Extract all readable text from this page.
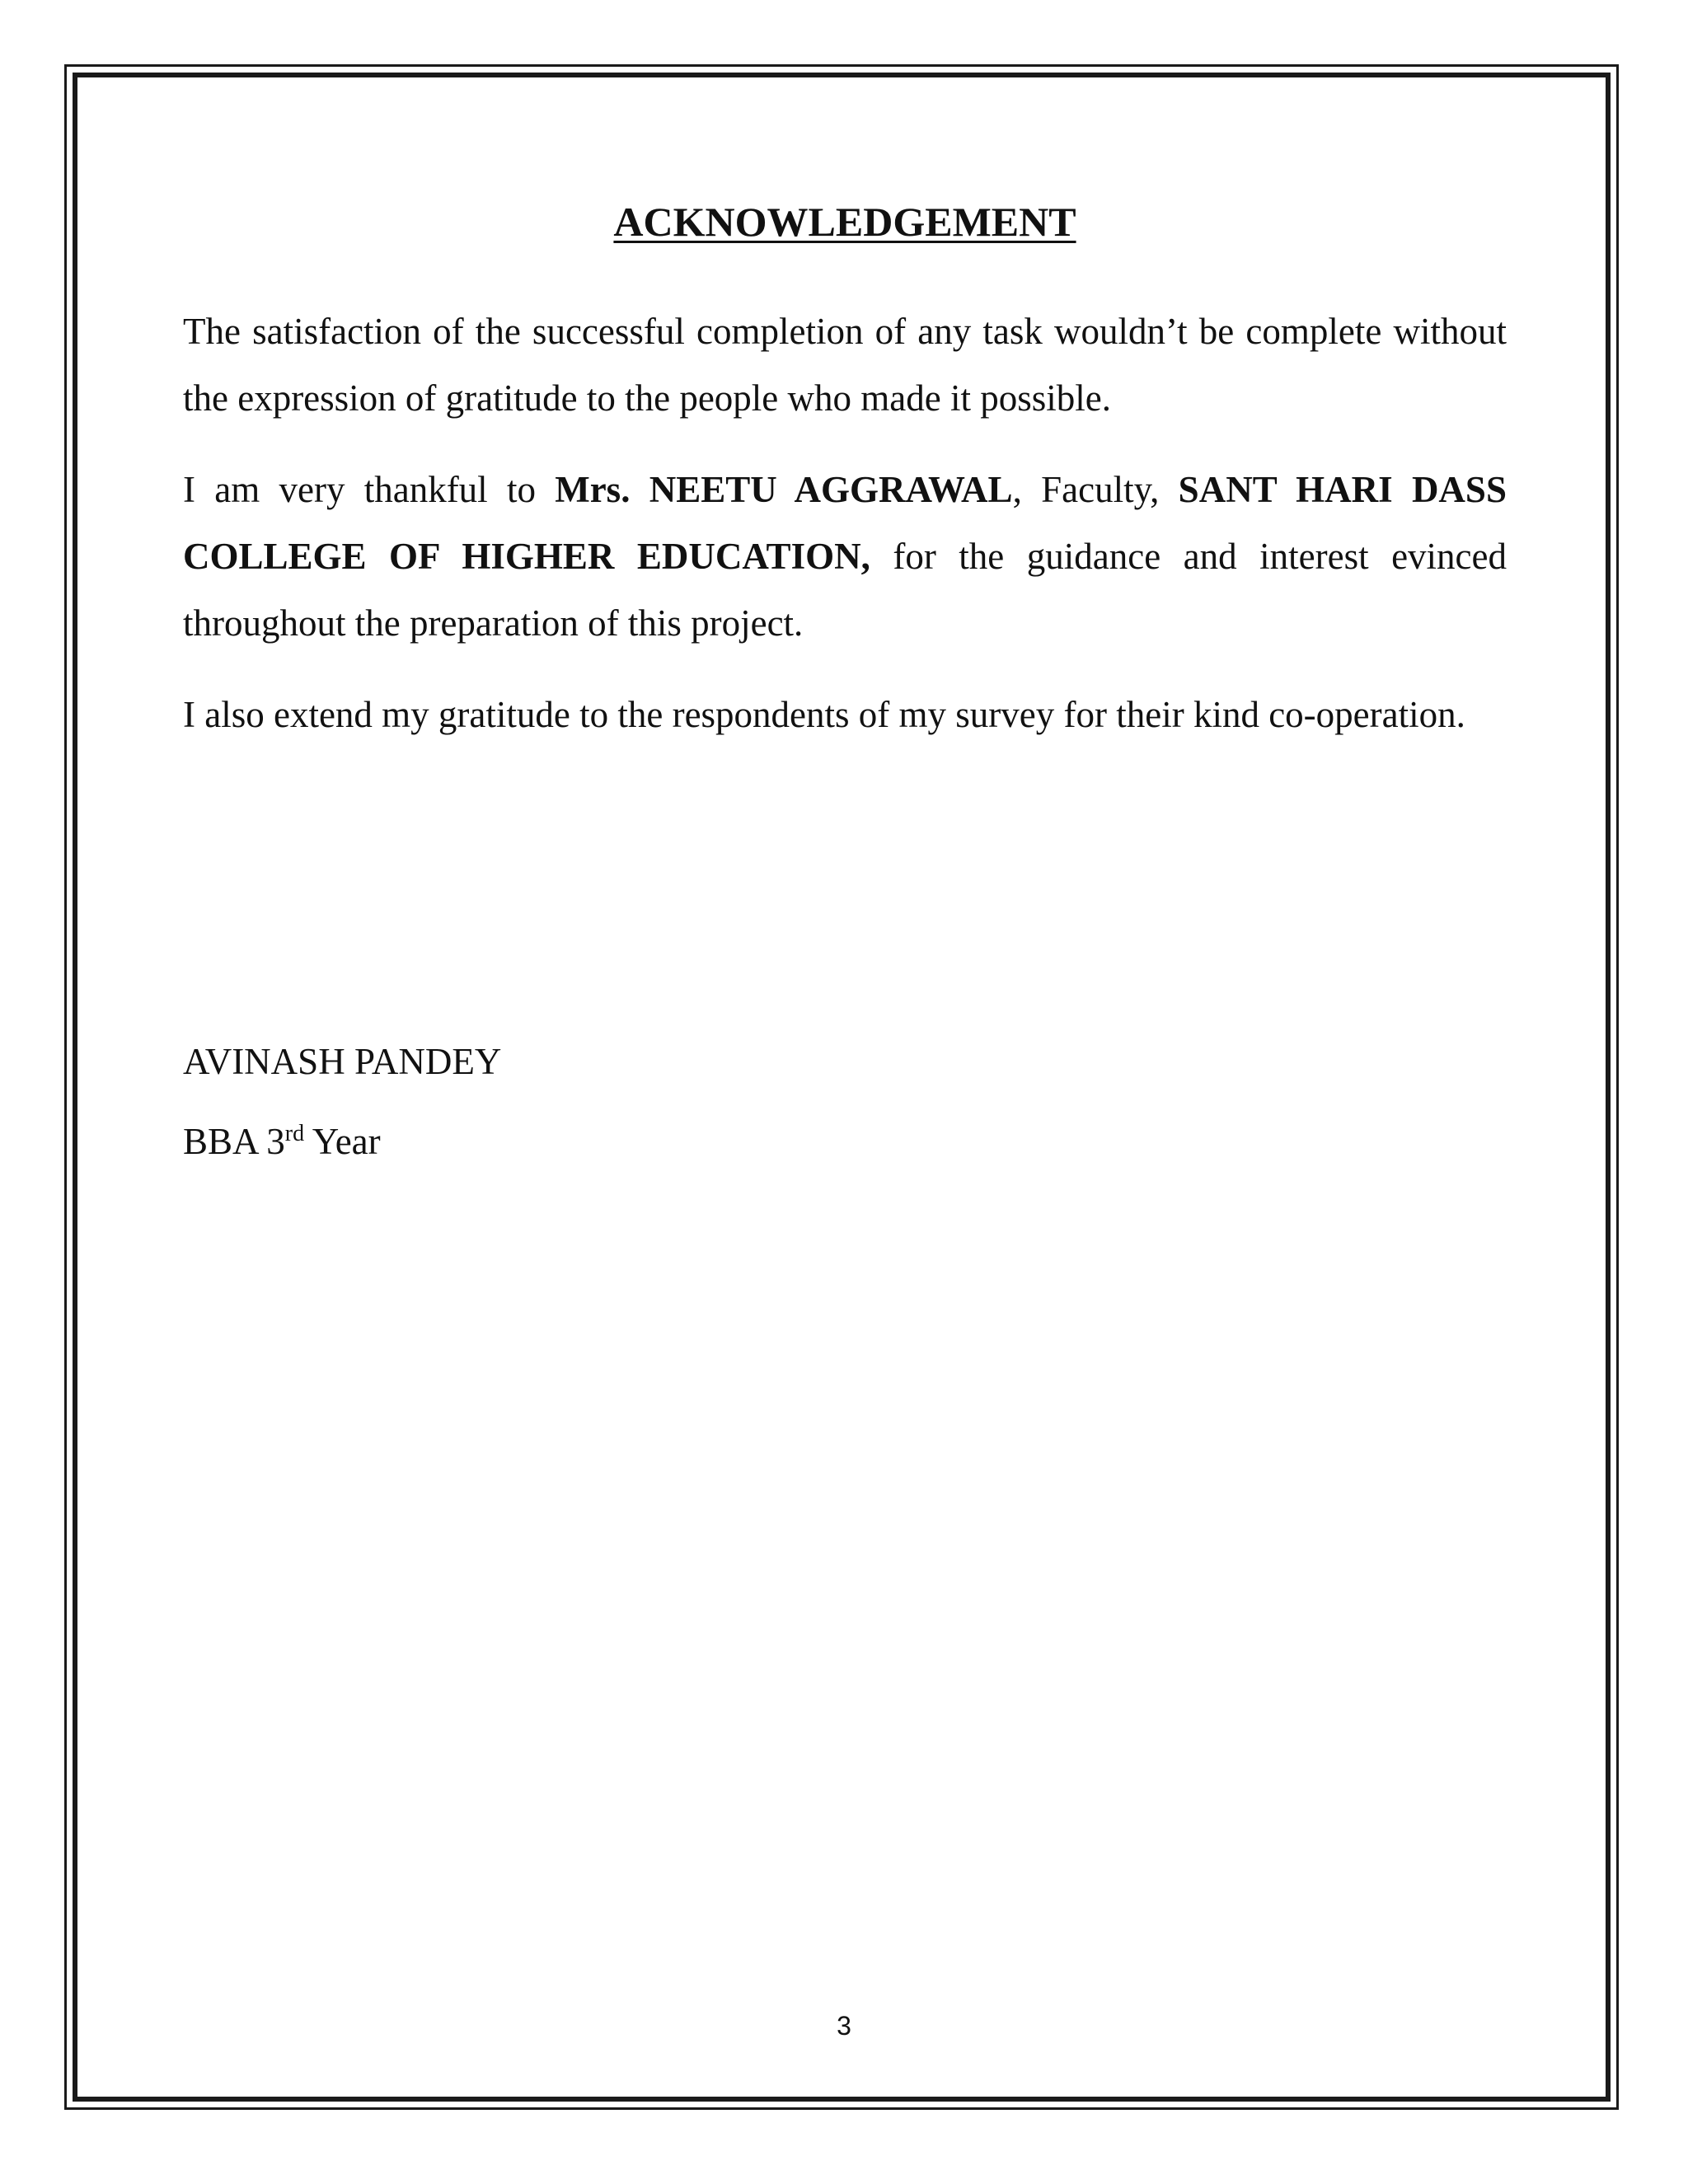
ACKNOWLEDGEMENT

The satisfaction of the successful completion of any task wouldn’t be complete without the expression of gratitude to the people who made it possible.

I am very thankful to Mrs. NEETU AGGRAWAL, Faculty, SANT HARI DASS COLLEGE OF HIGHER EDUCATION, for the guidance and interest evinced throughout the preparation of this project.

I also extend my gratitude to the respondents of my survey for their kind co-operation.

AVINASH PANDEY

BBA 3rd Year

3
